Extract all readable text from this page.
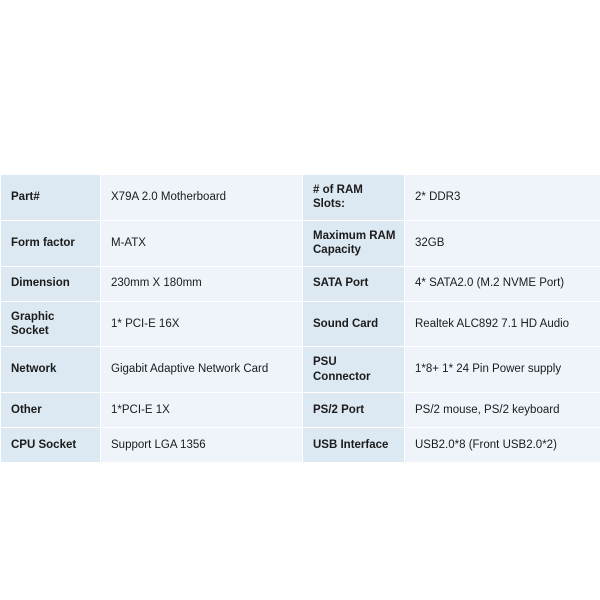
Part#	X79A 2.0 Motherboard	# of RAM Slots:	2* DDR3
Form factor	M-ATX	Maximum RAM Capacity	32GB
Dimension	230mm X 180mm	SATA Port	4* SATA2.0 (M.2 NVME Port)
Graphic Socket	1* PCI-E 16X	Sound Card	Realtek ALC892 7.1 HD Audio
Network	Gigabit Adaptive Network Card	PSU Connector	1*8+ 1* 24 Pin Power supply
Other	1*PCI-E 1X	PS/2 Port	PS/2 mouse, PS/2 keyboard
CPU Socket	Support LGA 1356	USB Interface	USB2.0*8 (Front USB2.0*2)
